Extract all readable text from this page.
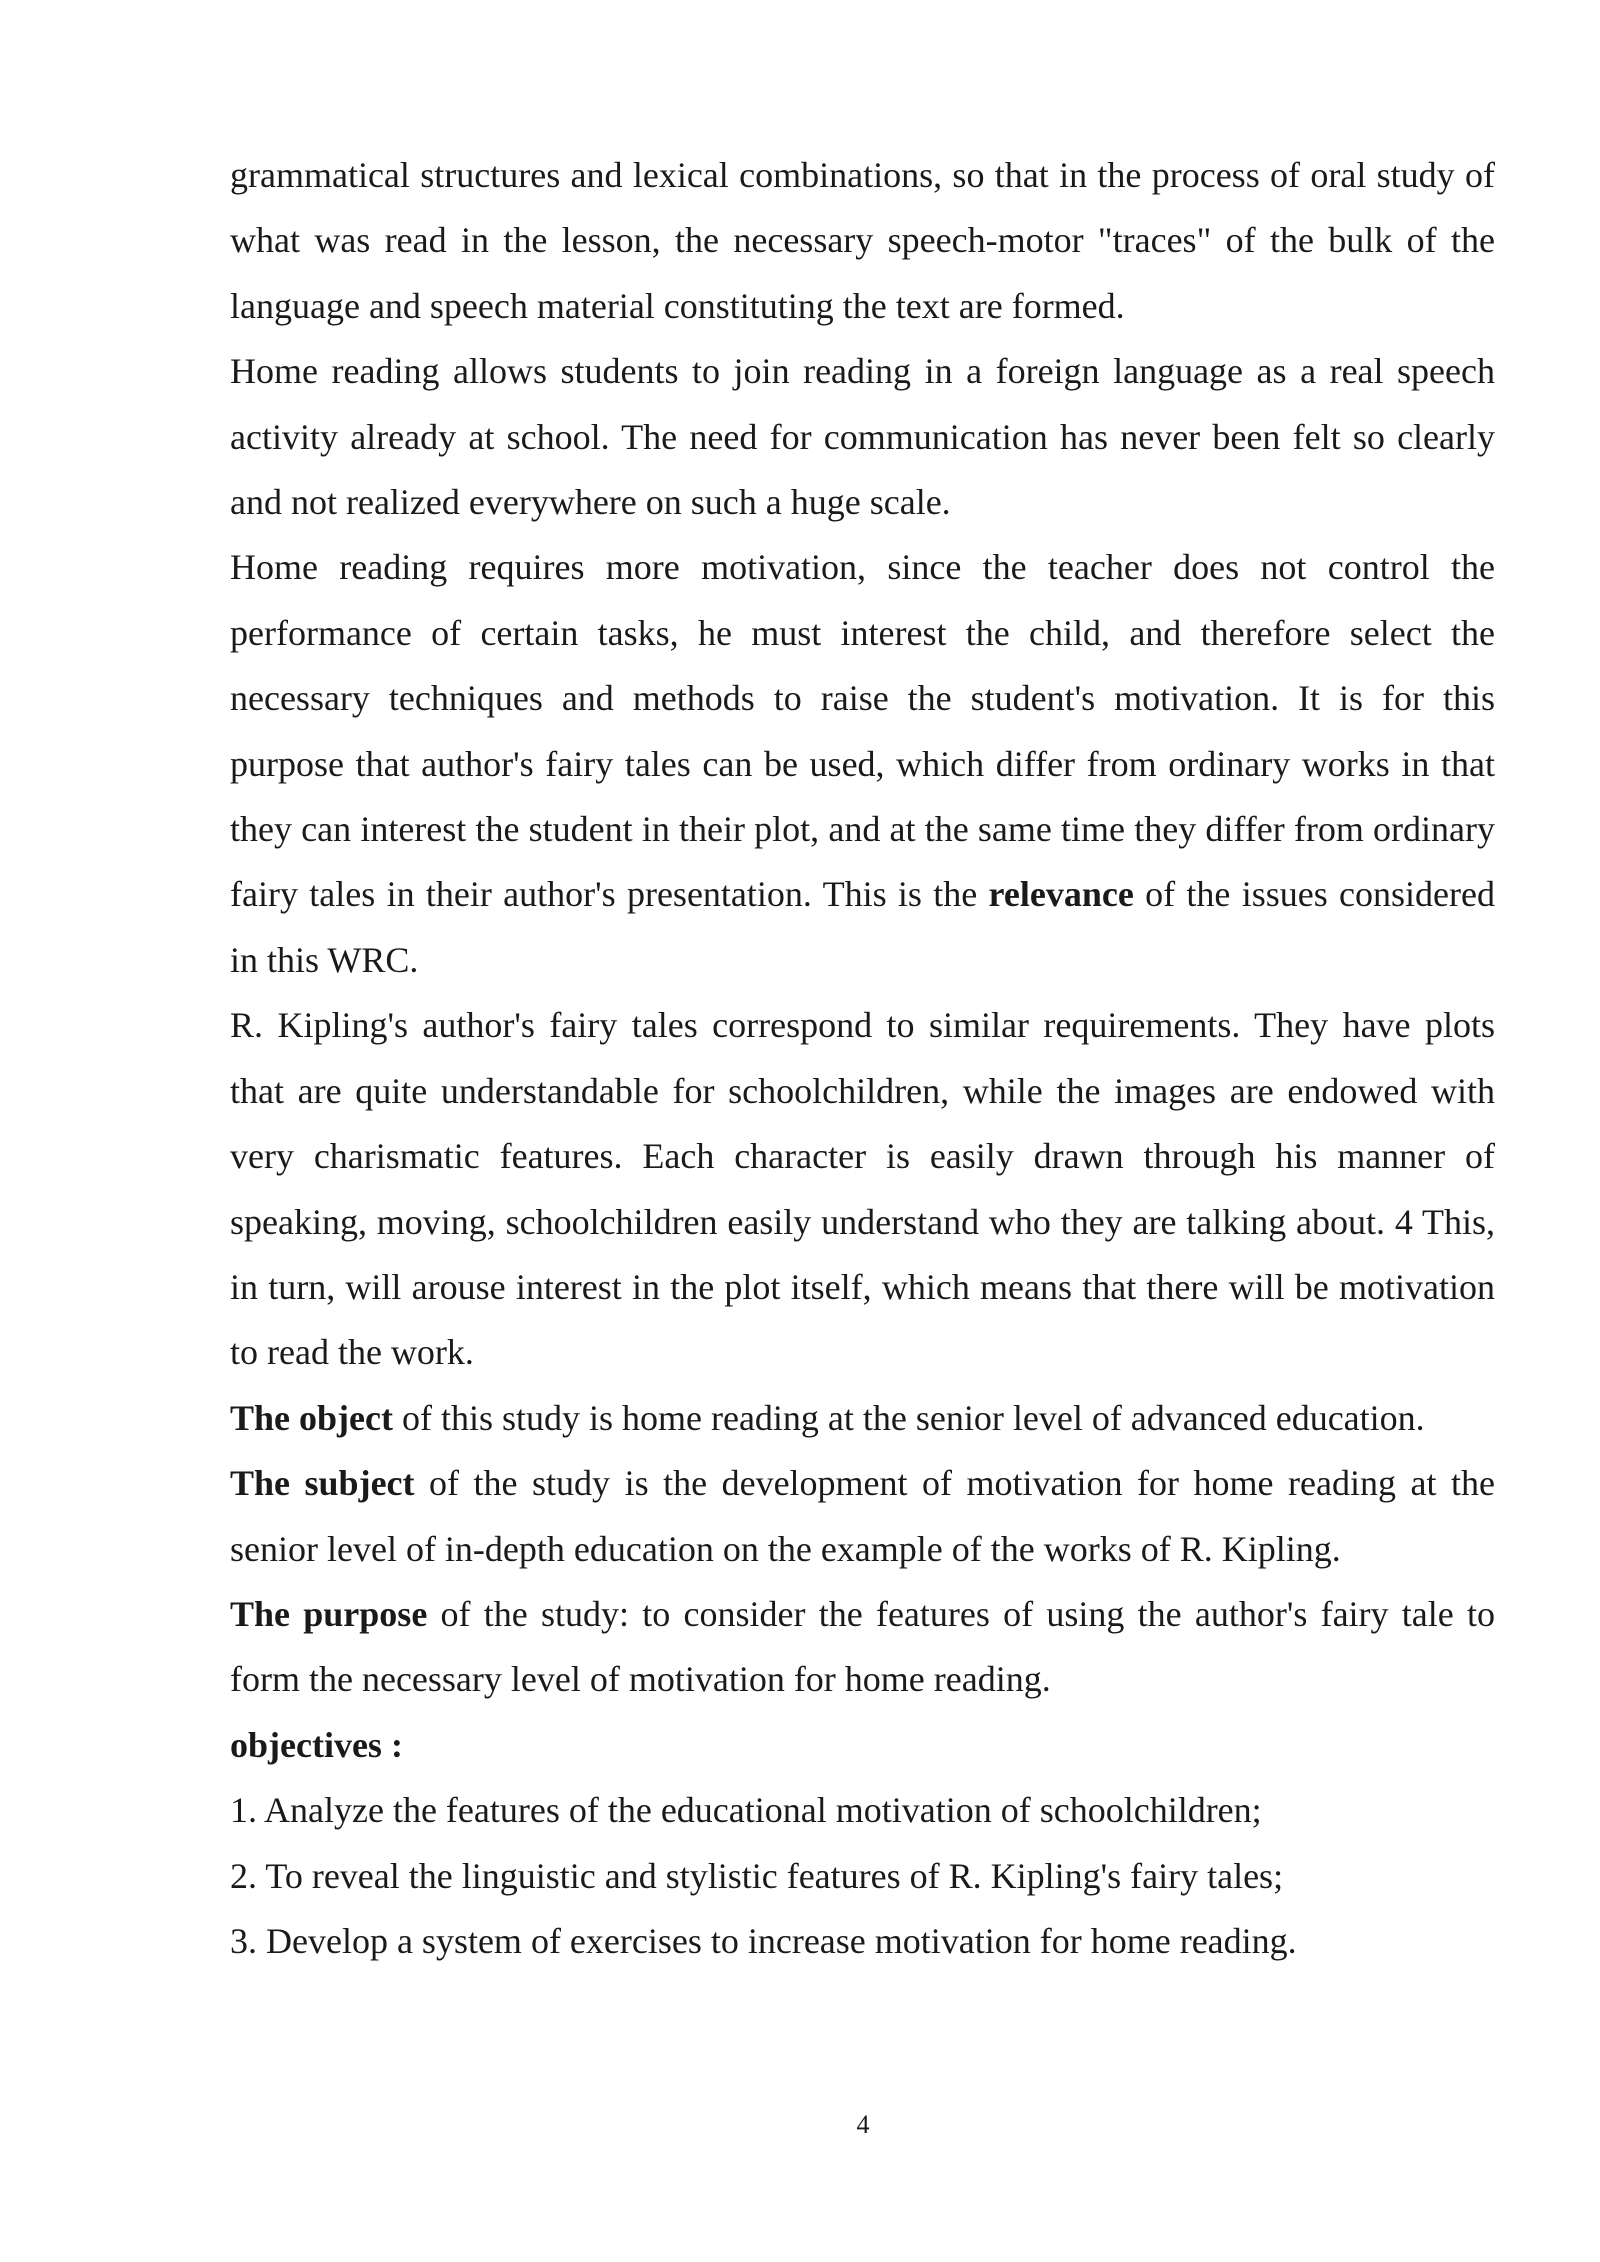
grammatical structures and lexical combinations, so that in the process of oral study of what was read in the lesson, the necessary speech-motor "traces" of the bulk of the language and speech material constituting the text are formed.

Home reading allows students to join reading in a foreign language as a real speech activity already at school. The need for communication has never been felt so clearly and not realized everywhere on such a huge scale.

Home reading requires more motivation, since the teacher does not control the performance of certain tasks, he must interest the child, and therefore select the necessary techniques and methods to raise the student's motivation. It is for this purpose that author's fairy tales can be used, which differ from ordinary works in that they can interest the student in their plot, and at the same time they differ from ordinary fairy tales in their author's presentation. This is the relevance of the issues considered in this WRC.

R. Kipling's author's fairy tales correspond to similar requirements. They have plots that are quite understandable for schoolchildren, while the images are endowed with very charismatic features. Each character is easily drawn through his manner of speaking, moving, schoolchildren easily understand who they are talking about. 4 This, in turn, will arouse interest in the plot itself, which means that there will be motivation to read the work.

The object of this study is home reading at the senior level of advanced education.

The subject of the study is the development of motivation for home reading at the senior level of in-depth education on the example of the works of R. Kipling.

The purpose of the study: to consider the features of using the author's fairy tale to form the necessary level of motivation for home reading.

objectives :

1. Analyze the features of the educational motivation of schoolchildren;

2. To reveal the linguistic and stylistic features of R. Kipling's fairy tales;

3. Develop a system of exercises to increase motivation for home reading.

4
